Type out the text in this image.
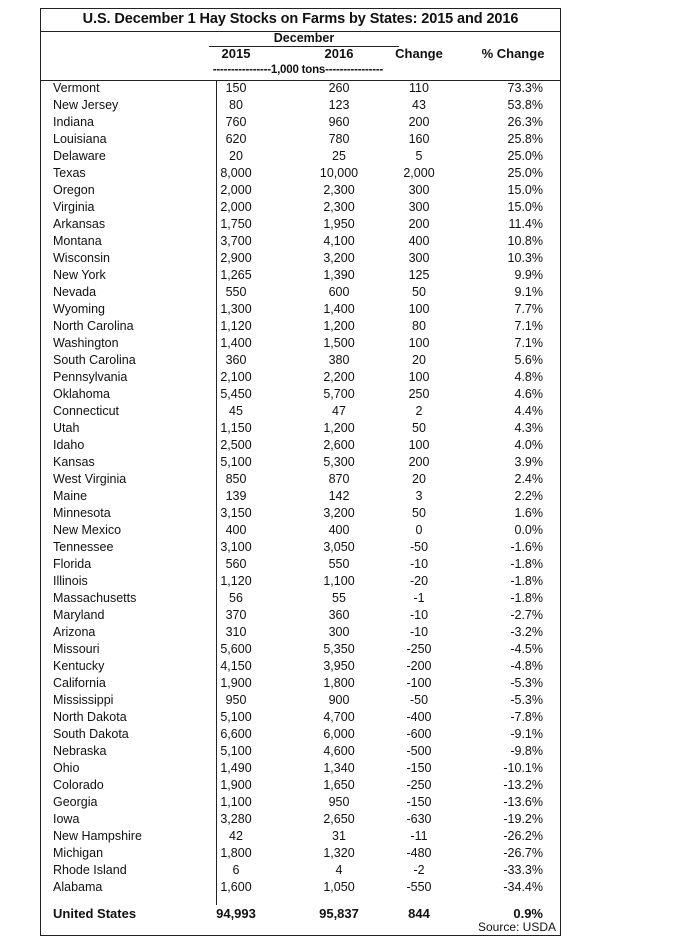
U.S. December 1 Hay Stocks on Farms by States: 2015 and 2016
December
2015	2016	Change	% Change
----------------1,000 tons----------------
Vermont	150	260	110	73.3%
New Jersey	80	123	43	53.8%
Indiana	760	960	200	26.3%
Louisiana	620	780	160	25.8%
Delaware	20	25	5	25.0%
Texas	8,000	10,000	2,000	25.0%
Oregon	2,000	2,300	300	15.0%
Virginia	2,000	2,300	300	15.0%
Arkansas	1,750	1,950	200	11.4%
Montana	3,700	4,100	400	10.8%
Wisconsin	2,900	3,200	300	10.3%
New York	1,265	1,390	125	9.9%
Nevada	550	600	50	9.1%
Wyoming	1,300	1,400	100	7.7%
North Carolina	1,120	1,200	80	7.1%
Washington	1,400	1,500	100	7.1%
South Carolina	360	380	20	5.6%
Pennsylvania	2,100	2,200	100	4.8%
Oklahoma	5,450	5,700	250	4.6%
Connecticut	45	47	2	4.4%
Utah	1,150	1,200	50	4.3%
Idaho	2,500	2,600	100	4.0%
Kansas	5,100	5,300	200	3.9%
West Virginia	850	870	20	2.4%
Maine	139	142	3	2.2%
Minnesota	3,150	3,200	50	1.6%
New Mexico	400	400	0	0.0%
Tennessee	3,100	3,050	-50	-1.6%
Florida	560	550	-10	-1.8%
Illinois	1,120	1,100	-20	-1.8%
Massachusetts	56	55	-1	-1.8%
Maryland	370	360	-10	-2.7%
Arizona	310	300	-10	-3.2%
Missouri	5,600	5,350	-250	-4.5%
Kentucky	4,150	3,950	-200	-4.8%
California	1,900	1,800	-100	-5.3%
Mississippi	950	900	-50	-5.3%
North Dakota	5,100	4,700	-400	-7.8%
South Dakota	6,600	6,000	-600	-9.1%
Nebraska	5,100	4,600	-500	-9.8%
Ohio	1,490	1,340	-150	-10.1%
Colorado	1,900	1,650	-250	-13.2%
Georgia	1,100	950	-150	-13.6%
Iowa	3,280	2,650	-630	-19.2%
New Hampshire	42	31	-11	-26.2%
Michigan	1,800	1,320	-480	-26.7%
Rhode Island	6	4	-2	-33.3%
Alabama	1,600	1,050	-550	-34.4%
United States	94,993	95,837	844	0.9%
Source: USDA
